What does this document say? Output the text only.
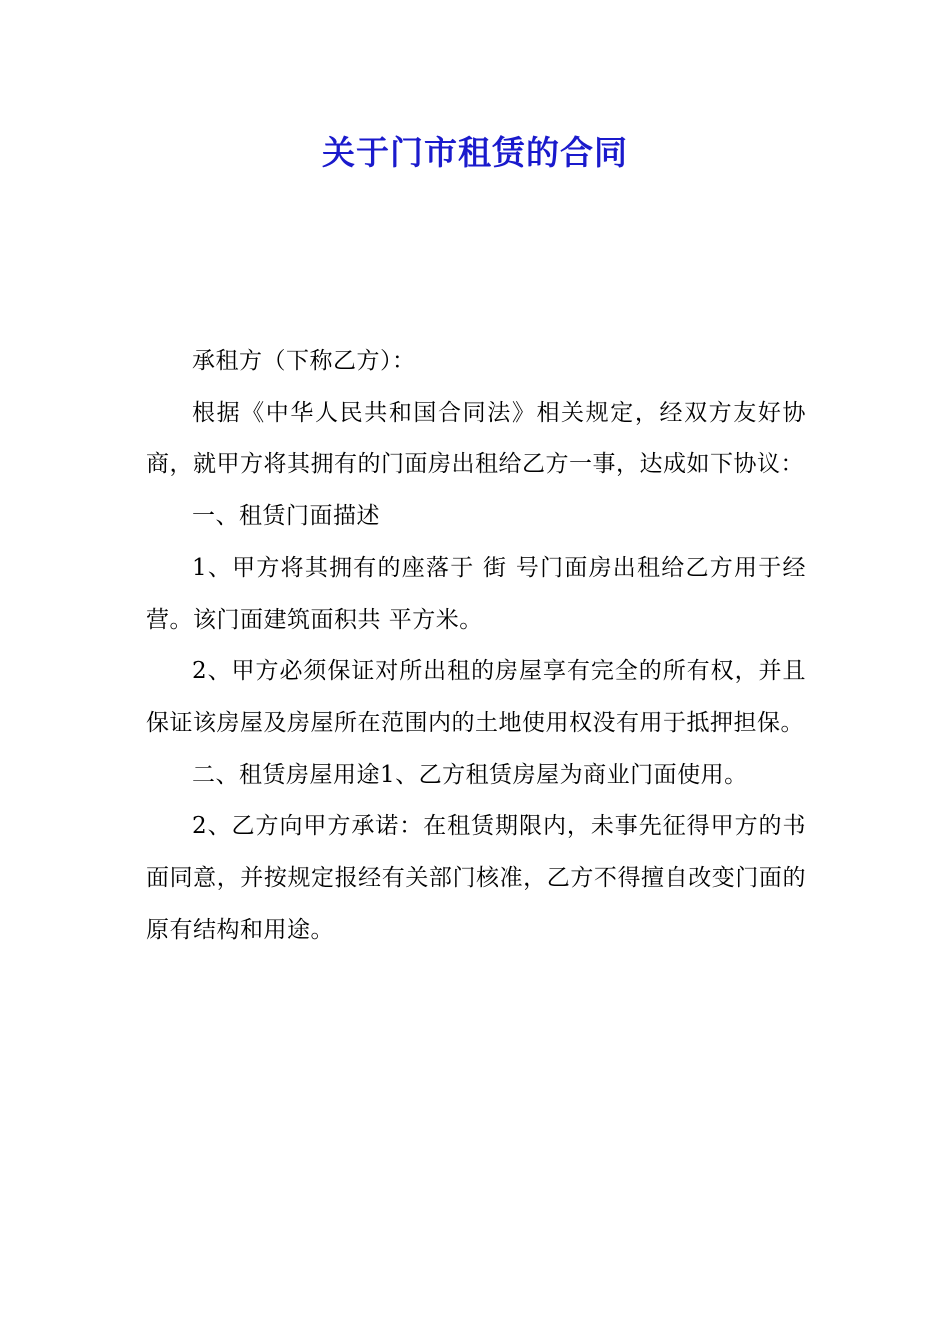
关于门市租赁的合同

承租方（下称乙方）：

根据《中华人民共和国合同法》相关规定，经双方友好协商，就甲方将其拥有的门面房出租给乙方一事，达成如下协议：

一、租赁门面描述

1、甲方将其拥有的座落于 街 号门面房出租给乙方用于经营。该门面建筑面积共 平方米。

2、甲方必须保证对所出租的房屋享有完全的所有权，并且保证该房屋及房屋所在范围内的土地使用权没有用于抵押担保。

二、租赁房屋用途1、乙方租赁房屋为商业门面使用。

2、乙方向甲方承诺：在租赁期限内，未事先征得甲方的书面同意，并按规定报经有关部门核准，乙方不得擅自改变门面的原有结构和用途。
